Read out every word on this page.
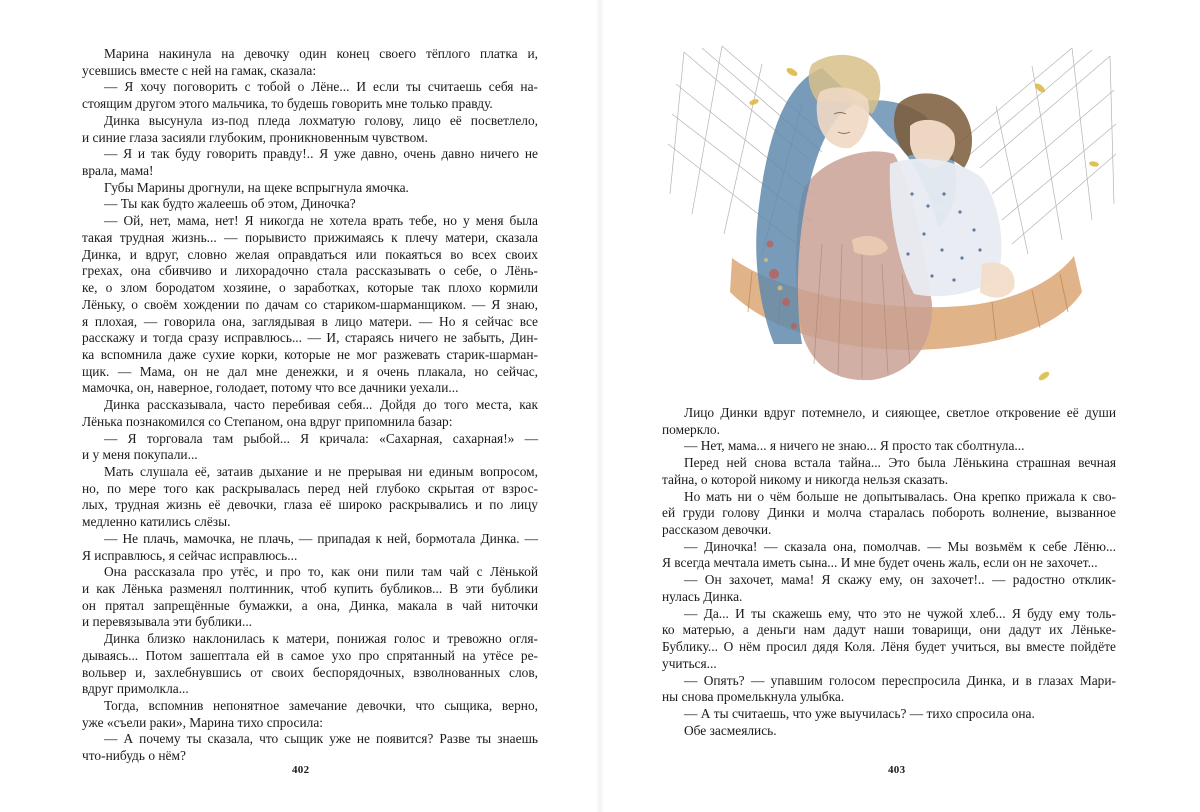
Марина накинула на девочку один конец своего тёплого платка и,
усевшись вместе с ней на гамак, сказала:
— Я хочу поговорить с тобой о Лёне... И если ты считаешь себя на-
стоящим другом этого мальчика, то будешь говорить мне только правду.
Динка высунула из-под пледа лохматую голову, лицо её посветлело,
и синие глаза засияли глубоким, проникновенным чувством.
— Я и так буду говорить правду!.. Я уже давно, очень давно ничего не
врала, мама!
Губы Марины дрогнули, на щеке вспрыгнула ямочка.
— Ты как будто жалеешь об этом, Диночка?
— Ой, нет, мама, нет! Я никогда не хотела врать тебе, но у меня была
такая трудная жизнь... — порывисто прижимаясь к плечу матери, сказала
Динка, и вдруг, словно желая оправдаться или покаяться во всех своих
грехах, она сбивчиво и лихорадочно стала рассказывать о себе, о Лёнь-
ке, о злом бородатом хозяине, о заработках, которые так плохо кормили
Лёньку, о своём хождении по дачам со стариком-шарманщиком. — Я знаю,
я плохая, — говорила она, заглядывая в лицо матери. — Но я сейчас все
расскажу и тогда сразу исправлюсь... — И, стараясь ничего не забыть, Дин-
ка вспомнила даже сухие корки, которые не мог разжевать старик-шарман-
щик. — Мама, он не дал мне денежки, и я очень плакала, но сейчас,
мамочка, он, наверное, голодает, потому что все дачники уехали...
Динка рассказывала, часто перебивая себя... Дойдя до того места, как
Лёнька познакомился со Степаном, она вдруг припомнила базар:
— Я торговала там рыбой... Я кричала: «Сахарная, сахарная!» —
и у меня покупали...
Мать слушала её, затаив дыхание и не прерывая ни единым вопросом,
но, по мере того как раскрывалась перед ней глубоко скрытая от взрос-
лых, трудная жизнь её девочки, глаза её широко раскрывались и по лицу
медленно катились слёзы.
— Не плачь, мамочка, не плачь, — припадая к ней, бормотала Динка. —
Я исправлюсь, я сейчас исправлюсь...
Она рассказала про утёс, и про то, как они пили там чай с Лёнькой
и как Лёнька разменял полтинник, чтоб купить бубликов... В эти бублики
он прятал запрещённые бумажки, а она, Динка, макала в чай ниточки
и перевязывала эти бублики...
Динка близко наклонилась к матери, понижая голос и тревожно огля-
дываясь... Потом зашептала ей в самое ухо про спрятанный на утёсе ре-
вольвер и, захлебнувшись от своих беспорядочных, взволнованных слов,
вдруг примолкла...
Тогда, вспомнив непонятное замечание девочки, что сыщика, верно,
уже «съели раки», Марина тихо спросила:
— А почему ты сказала, что сыщик уже не появится? Разве ты знаешь
что-нибудь о нём?
402
Лицо Динки вдруг потемнело, и сияющее, светлое откровение её души
померкло.
— Нет, мама... я ничего не знаю... Я просто так сболтнула...
Перед ней снова встала тайна... Это была Лёнькина страшная вечная
тайна, о которой никому и никогда нельзя сказать.
Но мать ни о чём больше не допытывалась. Она крепко прижала к сво-
ей груди голову Динки и молча старалась побороть волнение, вызванное
рассказом девочки.
— Диночка! — сказала она, помолчав. — Мы возьмём к себе Лёню...
Я всегда мечтала иметь сына... И мне будет очень жаль, если он не захочет...
— Он захочет, мама! Я скажу ему, он захочет!.. — радостно отклик-
нулась Динка.
— Да... И ты скажешь ему, что это не чужой хлеб... Я буду ему толь-
ко матерью, а деньги нам дадут наши товарищи, они дадут их Лёньке-
Бублику... О нём просил дядя Коля. Лёня будет учиться, вы вместе пойдёте
учиться...
— Опять? — упавшим голосом переспросила Динка, и в глазах Мари-
ны снова промелькнула улыбка.
— А ты считаешь, что уже выучилась? — тихо спросила она.
Обе засмеялись.
403
